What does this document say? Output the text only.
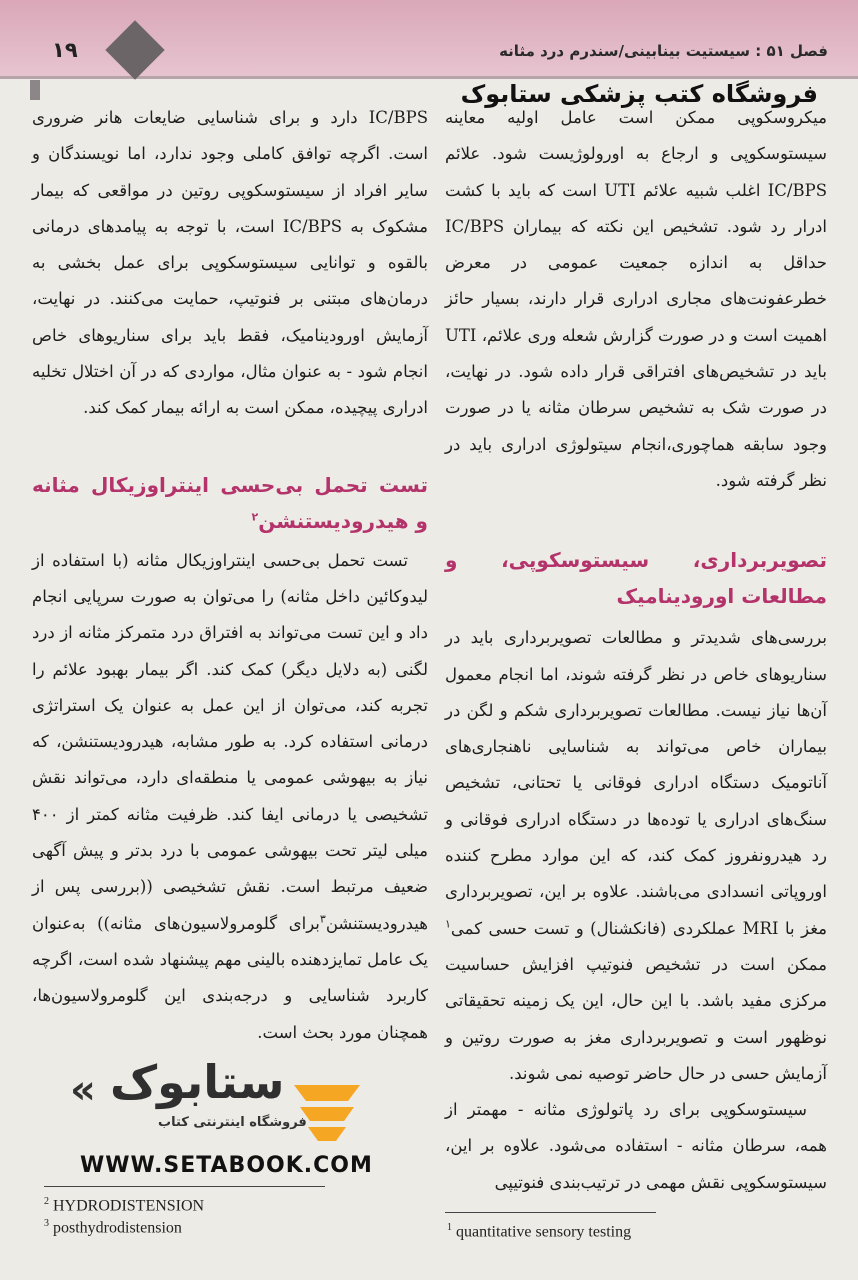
۱۹	فصل ۵۱ : سیستیت بینابینی/سندرم درد مثانه
فروشگاه کتب پزشکی ستابوک

میکروسکوپی ممکن است عامل اولیه معاینه سیستوسکوپی و ارجاع به اورولوژیست شود. علائم IC/BPS اغلب شبیه علائم UTI است که باید با کشت ادرار رد شود. تشخیص این نکته که بیماران IC/BPS حداقل به اندازه جمعیت عمومی در معرض خطرعفونت‌های مجاری ادراری قرار دارند، بسیار حائز اهمیت است و در صورت گزارش شعله وری علائم، UTI باید در تشخیص‌های افتراقی قرار داده شود. در نهایت، در صورت شک به تشخیص سرطان مثانه یا در صورت وجود سابقه هماچوری،انجام سیتولوژی ادراری باید در نظر گرفته شود.

تصویربرداری، سیستوسکوپی، و مطالعات اورودینامیک

بررسی‌های شدیدتر و مطالعات تصویربرداری باید در سناریوهای خاص در نظر گرفته شوند، اما انجام معمول آن‌ها نیاز نیست. مطالعات تصویربرداری شکم و لگن در بیماران خاص می‌تواند به شناسایی ناهنجاری‌های آناتومیک دستگاه ادراری فوقانی یا تحتانی، تشخیص سنگ‌های ادراری یا توده‌ها در دستگاه ادراری فوقانی و رد هیدرونفروز کمک کند، که این موارد مطرح کننده اوروپاتی انسدادی می‌باشند. علاوه بر این، تصویربرداری مغز با MRI عملکردی (فانکشنال) و تست حسی کمی$^۱$ ممکن است در تشخیص فنوتیپ افزایش حساسیت مرکزی مفید باشد. با این حال، این یک زمینه تحقیقاتی نوظهور است و تصویربرداری مغز به صورت روتین و آزمایش حسی در حال حاضر توصیه نمی شوند.

سیستوسکوپی برای رد پاتولوژی مثانه - مهمتر از همه، سرطان مثانه - استفاده می‌شود. علاوه بر این، سیستوسکوپی نقش مهمی در ترتیب‌بندی فنوتیپی

IC/BPS دارد و برای شناسایی ضایعات هانر ضروری است. اگرچه توافق کاملی وجود ندارد، اما نویسندگان و سایر افراد از سیستوسکوپی روتین در مواقعی که بیمار مشکوک به IC/BPS است، با توجه به پیامدهای درمانی بالقوه و توانایی سیستوسکوپی برای عمل بخشی به درمان‌های مبتنی بر فنوتیپ، حمایت می‌کنند. در نهایت، آزمایش اورودینامیک، فقط باید برای سناریوهای خاص انجام شود - به عنوان مثال، مواردی که در آن اختلال تخلیه ادراری پیچیده، ممکن است به ارائه بیمار کمک کند.

تست تحمل بی‌حسی اینتراوزیکال مثانه و هیدرودیستنشن$^۲$

تست تحمل بی‌حسی اینتراوزیکال مثانه (با استفاده از لیدوکائین داخل مثانه) را می‌توان به صورت سرپایی انجام داد و این تست می‌تواند به افتراق درد متمرکز مثانه از درد لگنی (به دلایل دیگر) کمک کند. اگر بیمار بهبود علائم را تجربه کند، می‌توان از این عمل به عنوان یک استراتژی درمانی استفاده کرد. به طور مشابه، هیدرودیستنشن، که نیاز به بیهوشی عمومی یا منطقه‌ای دارد، می‌تواند نقش تشخیصی یا درمانی ایفا کند. ظرفیت مثانه کمتر از ۴۰۰ میلی لیتر تحت بیهوشی عمومی با درد بدتر و پیش آگهی ضعیف مرتبط است. نقش تشخیصی ((بررسی پس از هیدرودیستنشن$^۳$برای گلومرولاسیون‌های مثانه)) به‌عنوان یک عامل تمایزدهنده بالینی مهم پیشنهاد شده است، اگرچه کاربرد شناسایی و درجه‌بندی این گلومرولاسیون‌ها، همچنان مورد بحث است.

« ستابوک
فروشگاه اینترنتی کتاب
WWW.SETABOOK.COM
$^2$ HYDRODISTENSION
$^3$ posthydrodistension	$^1$ quantitative sensory testing
